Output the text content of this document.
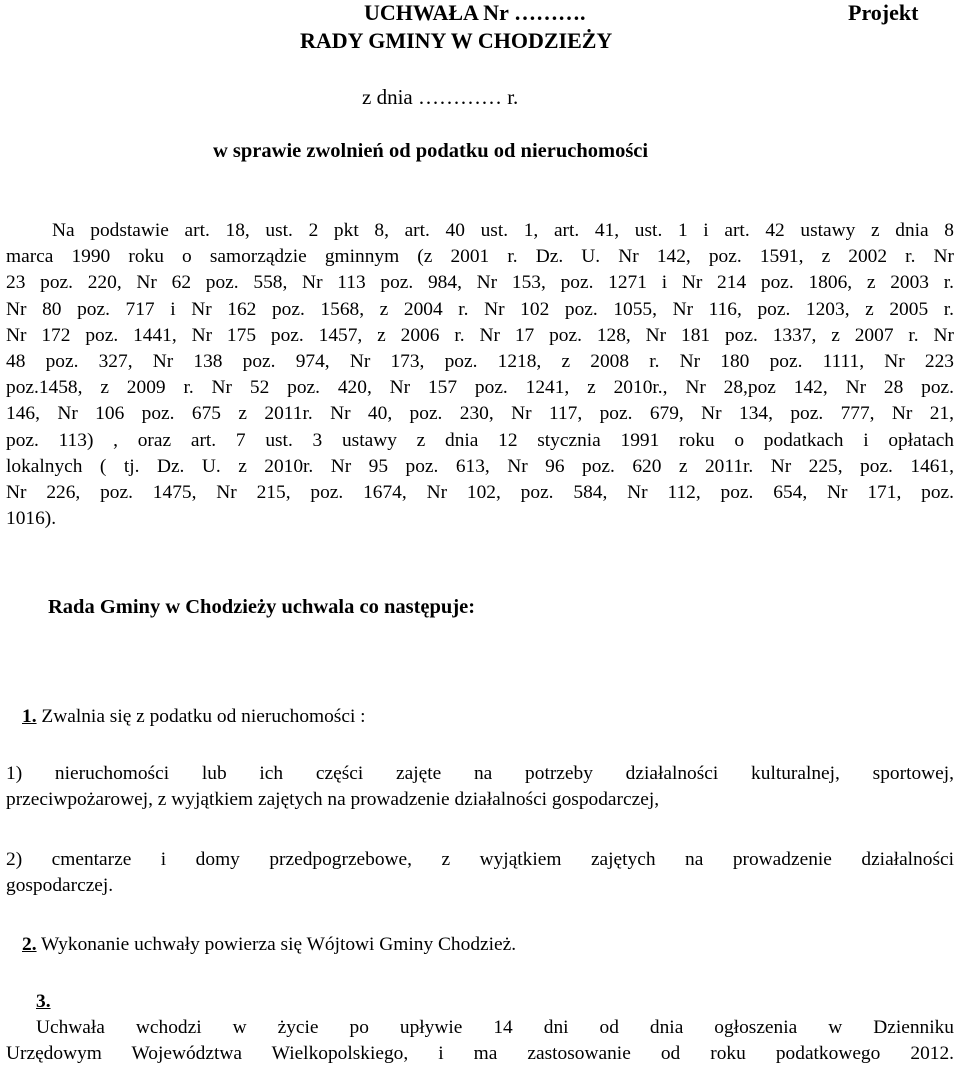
UCHWAŁA Nr ……….	Projekt
RADY GMINY W CHODZIEŻY
z dnia ………… r.
w sprawie zwolnień od podatku od nieruchomości
Na podstawie art. 18, ust. 2 pkt 8, art. 40 ust. 1, art. 41, ust. 1 i art. 42 ustawy z dnia 8
marca 1990 roku o samorządzie gminnym (z 2001 r. Dz. U. Nr 142, poz. 1591, z 2002 r. Nr
23 poz. 220, Nr 62 poz. 558, Nr 113 poz. 984, Nr 153, poz. 1271 i Nr 214 poz. 1806, z 2003 r.
Nr 80 poz. 717 i Nr 162 poz. 1568, z 2004 r. Nr 102 poz. 1055, Nr 116, poz. 1203, z 2005 r.
Nr 172 poz. 1441, Nr 175 poz. 1457, z 2006 r. Nr 17 poz. 128, Nr 181 poz. 1337, z 2007 r. Nr
48 poz. 327, Nr 138 poz. 974, Nr 173, poz. 1218, z 2008 r. Nr 180 poz. 1111, Nr 223
poz.1458, z 2009 r. Nr 52 poz. 420, Nr 157 poz. 1241, z 2010r., Nr 28,poz 142, Nr 28 poz.
146, Nr 106 poz. 675 z 2011r. Nr 40, poz. 230, Nr 117, poz. 679, Nr 134, poz. 777, Nr 21,
poz. 113) , oraz art. 7 ust. 3 ustawy z dnia 12 stycznia 1991 roku o podatkach i opłatach
lokalnych ( tj. Dz. U. z 2010r. Nr 95 poz. 613, Nr 96 poz. 620 z 2011r. Nr 225, poz. 1461,
Nr 226, poz. 1475, Nr 215, poz. 1674, Nr 102, poz. 584, Nr 112, poz. 654, Nr 171, poz.
1016).
Rada Gminy w Chodzieży uchwala co następuje:
1. Zwalnia się z podatku od nieruchomości :
1) nieruchomości lub ich części zajęte na potrzeby działalności kulturalnej, sportowej,
przeciwpożarowej, z wyjątkiem zajętych na prowadzenie działalności gospodarczej,
2) cmentarze i domy przedpogrzebowe, z wyjątkiem zajętych na prowadzenie działalności
gospodarczej.
2. Wykonanie uchwały powierza się Wójtowi Gminy Chodzież.
3.
Uchwała wchodzi w życie po upływie 14 dni od dnia ogłoszenia w Dzienniku
Urzędowym Województwa Wielkopolskiego, i ma zastosowanie od roku podatkowego 2012.
